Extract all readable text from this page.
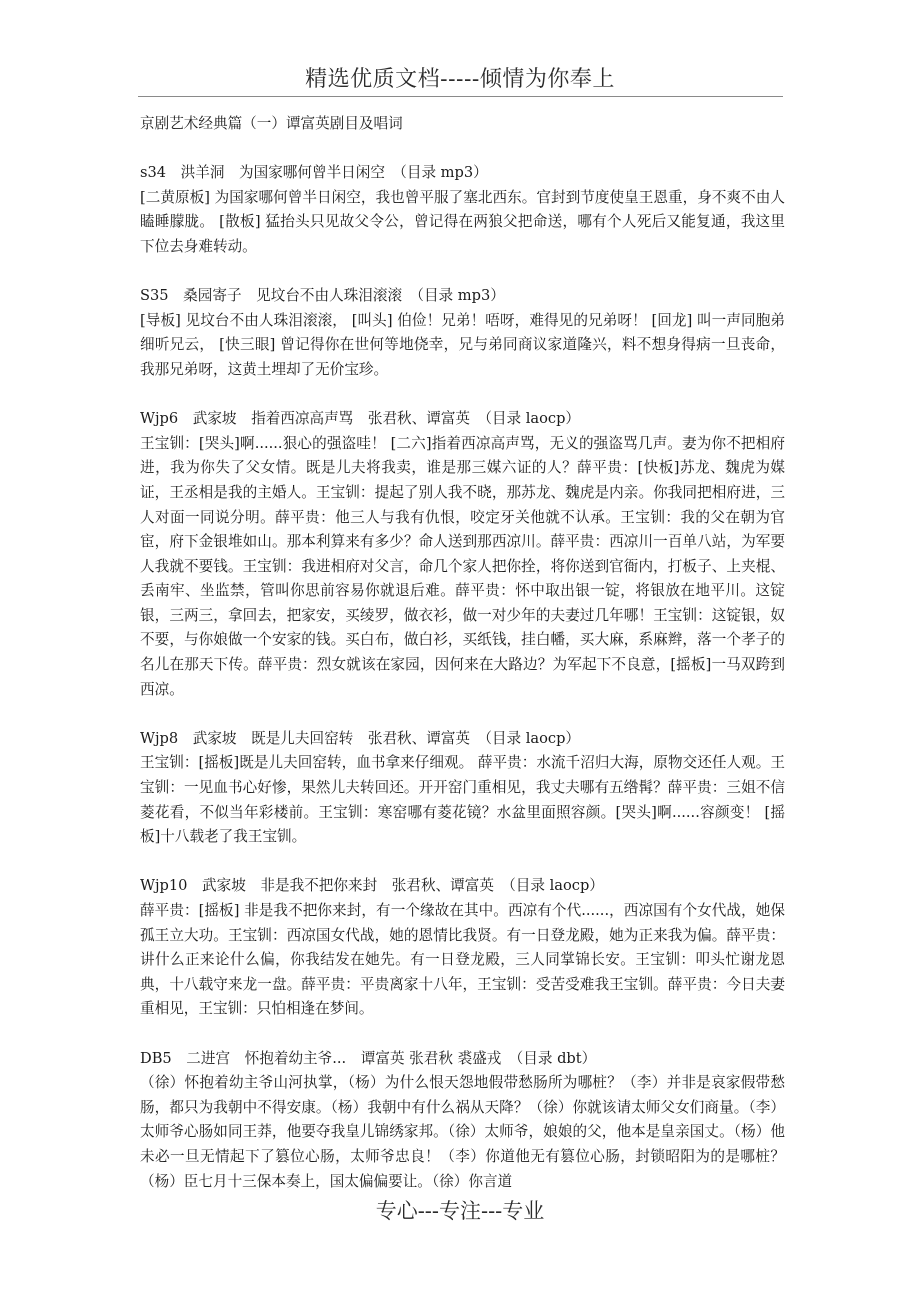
精选优质文档-----倾情为你奉上

京剧艺术经典篇（一）谭富英剧目及唱词

s34　洪羊洞　为国家哪何曾半日闲空　（目录 mp3）

[二黄原板] 为国家哪何曾半日闲空，我也曾平服了塞北西东。官封到节度使皇王恩重，身不爽不由人瞌睡朦胧。 [散板] 猛抬头只见故父令公，曾记得在两狼父把命送，哪有个人死后又能复通，我这里下位去身难转动。

S35　桑园寄子　见坟台不由人珠泪滚滚　（目录 mp3）

[导板] 见坟台不由人珠泪滚滚， [叫头] 伯俭！兄弟！唔呀，难得见的兄弟呀！ [回龙] 叫一声同胞弟细听兄云， [快三眼] 曾记得你在世何等地侥幸，兄与弟同商议家道隆兴，料不想身得病一旦丧命，我那兄弟呀，这黄土埋却了无价宝珍。

Wjp6　武家坡　指着西凉高声骂　张君秋、谭富英　（目录 laocp）

王宝钏：[哭头]啊......狠心的强盗哇！ [二六]指着西凉高声骂，无义的强盗骂几声。妻为你不把相府进，我为你失了父女情。既是儿夫将我卖，谁是那三媒六证的人？薛平贵：[快板]苏龙、魏虎为媒证，王丞相是我的主婚人。王宝钏：提起了别人我不晓，那苏龙、魏虎是内亲。你我同把相府进，三人对面一同说分明。薛平贵：他三人与我有仇恨，咬定牙关他就不认承。王宝钏：我的父在朝为官宦，府下金银堆如山。那本利算来有多少？命人送到那西凉川。薛平贵：西凉川一百单八站，为军要人我就不要钱。王宝钏：我进相府对父言，命几个家人把你拴，将你送到官衙内，打板子、上夹棍、丢南牢、坐监禁，管叫你思前容易你就退后难。薛平贵：怀中取出银一锭，将银放在地平川。这锭银，三两三，拿回去，把家安，买绫罗，做衣衫，做一对少年的夫妻过几年哪！王宝钏：这锭银，奴不要，与你娘做一个安家的钱。买白布，做白衫，买纸钱，挂白幡，买大麻，系麻辫，落一个孝子的名儿在那天下传。薛平贵：烈女就该在家园，因何来在大路边？为军起下不良意，[摇板]一马双跨到西凉。

Wjp8　武家坡　既是儿夫回窑转　张君秋、谭富英　（目录 laocp）

王宝钏：[摇板]既是儿夫回窑转，血书拿来仔细观。 薛平贵：水流千沼归大海，原物交还任人观。王宝钏：一见血书心好惨，果然儿夫转回还。开开窑门重相见，我丈夫哪有五绺髯？薛平贵：三姐不信菱花看，不似当年彩楼前。王宝钏：寒窑哪有菱花镜？水盆里面照容颜。[哭头]啊......容颜变！ [摇板]十八载老了我王宝钏。

Wjp10　武家坡　非是我不把你来封　张君秋、谭富英　（目录 laocp）

薛平贵：[摇板] 非是我不把你来封，有一个缘故在其中。西凉有个代......，西凉国有个女代战，她保孤王立大功。王宝钏：西凉国女代战，她的恩情比我贤。有一日登龙殿，她为正来我为偏。薛平贵：讲什么正来论什么偏，你我结发在她先。有一日登龙殿，三人同掌锦长安。王宝钏：叩头忙谢龙恩典，十八载守来龙一盘。薛平贵：平贵离家十八年，王宝钏：受苦受难我王宝钏。薛平贵：今日夫妻重相见，王宝钏：只怕相逢在梦间。

DB5　二进宫　怀抱着幼主爷...　谭富英 张君秋 裘盛戎　（目录 dbt）

（徐）怀抱着幼主爷山河执掌，（杨）为什么恨天怨地假带愁肠所为哪桩？（李）并非是哀家假带愁肠，都只为我朝中不得安康。（杨）我朝中有什么祸从天降？（徐）你就该请太师父女们商量。（李）太师爷心肠如同王莽，他要夺我皇儿锦绣家邦。（徐）太师爷，娘娘的父，他本是皇亲国丈。（杨）他未必一旦无情起下了篡位心肠，太师爷忠良！（李）你道他无有篡位心肠，封锁昭阳为的是哪桩？（杨）臣七月十三保本奏上，国太偏偏要让。（徐）你言道

专心---专注---专业
